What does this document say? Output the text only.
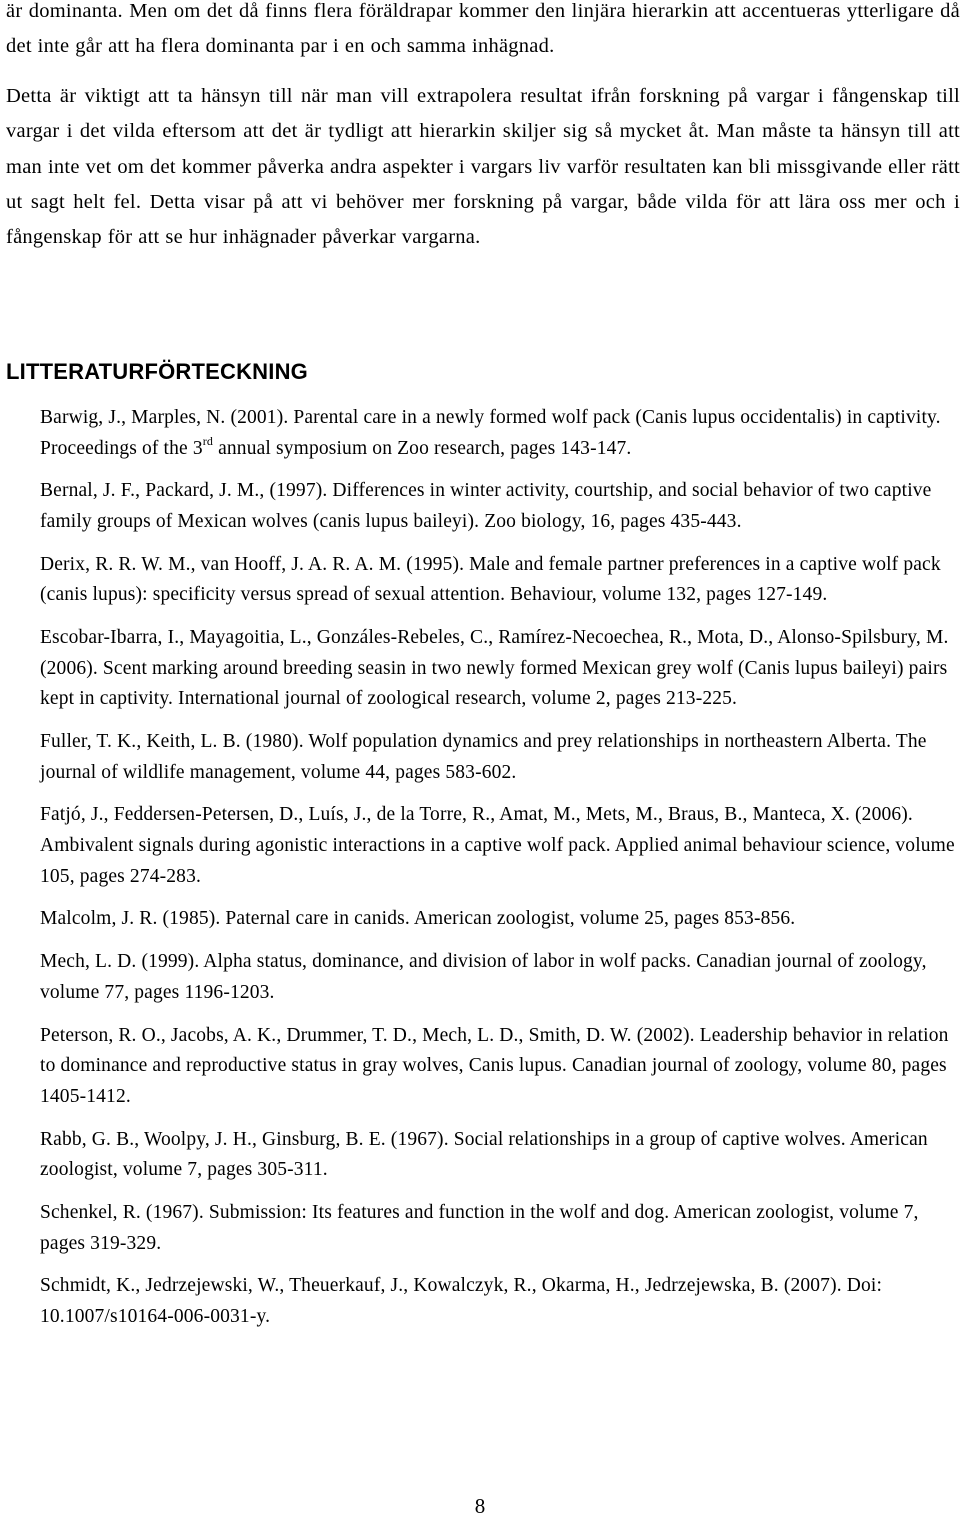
är dominanta. Men om det då finns flera föräldrapar kommer den linjära hierarkin att accentueras ytterligare då det inte går att ha flera dominanta par i en och samma inhägnad.

Detta är viktigt att ta hänsyn till när man vill extrapolera resultat ifrån forskning på vargar i fångenskap till vargar i det vilda eftersom att det är tydligt att hierarkin skiljer sig så mycket åt. Man måste ta hänsyn till att man inte vet om det kommer påverka andra aspekter i vargars liv varför resultaten kan bli missgivande eller rätt ut sagt helt fel. Detta visar på att vi behöver mer forskning på vargar, både vilda för att lära oss mer och i fångenskap för att se hur inhägnader påverkar vargarna.

LITTERATURFÖRTECKNING
Barwig, J., Marples, N. (2001). Parental care in a newly formed wolf pack (Canis lupus occidentalis) in captivity. Proceedings of the 3rd annual symposium on Zoo research, pages 143-147.
Bernal, J. F., Packard, J. M., (1997). Differences in winter activity, courtship, and social behavior of two captive family groups of Mexican wolves (canis lupus baileyi). Zoo biology, 16, pages 435-443.
Derix, R. R. W. M., van Hooff, J. A. R. A. M. (1995). Male and female partner preferences in a captive wolf pack (canis lupus): specificity versus spread of sexual attention. Behaviour, volume 132, pages 127-149.
Escobar-Ibarra, I., Mayagoitia, L., Gonzáles-Rebeles, C., Ramírez-Necoechea, R., Mota, D., Alonso-Spilsbury, M. (2006). Scent marking around breeding seasin in two newly formed Mexican grey wolf (Canis lupus baileyi) pairs kept in captivity. International journal of zoological research, volume 2, pages 213-225.
Fuller, T. K., Keith, L. B. (1980). Wolf population dynamics and prey relationships in northeastern Alberta. The journal of wildlife management, volume 44, pages 583-602.
Fatjó, J., Feddersen-Petersen, D., Luís, J., de la Torre, R., Amat, M., Mets, M., Braus, B., Manteca, X. (2006). Ambivalent signals during agonistic interactions in a captive wolf pack. Applied animal behaviour science, volume 105, pages 274-283.
Malcolm, J. R. (1985). Paternal care in canids. American zoologist, volume 25, pages 853-856.
Mech, L. D. (1999). Alpha status, dominance, and division of labor in wolf packs. Canadian journal of zoology, volume 77, pages 1196-1203.
Peterson, R. O., Jacobs, A. K., Drummer, T. D., Mech, L. D., Smith, D. W. (2002). Leadership behavior in relation to dominance and reproductive status in gray wolves, Canis lupus. Canadian journal of zoology, volume 80, pages 1405-1412.
Rabb, G. B., Woolpy, J. H., Ginsburg, B. E. (1967). Social relationships in a group of captive wolves. American zoologist, volume 7, pages 305-311.
Schenkel, R. (1967). Submission: Its features and function in the wolf and dog. American zoologist, volume 7, pages 319-329.
Schmidt, K., Jedrzejewski, W., Theuerkauf, J., Kowalczyk, R., Okarma, H., Jedrzejewska, B. (2007). Doi: 10.1007/s10164-006-0031-y.
8
